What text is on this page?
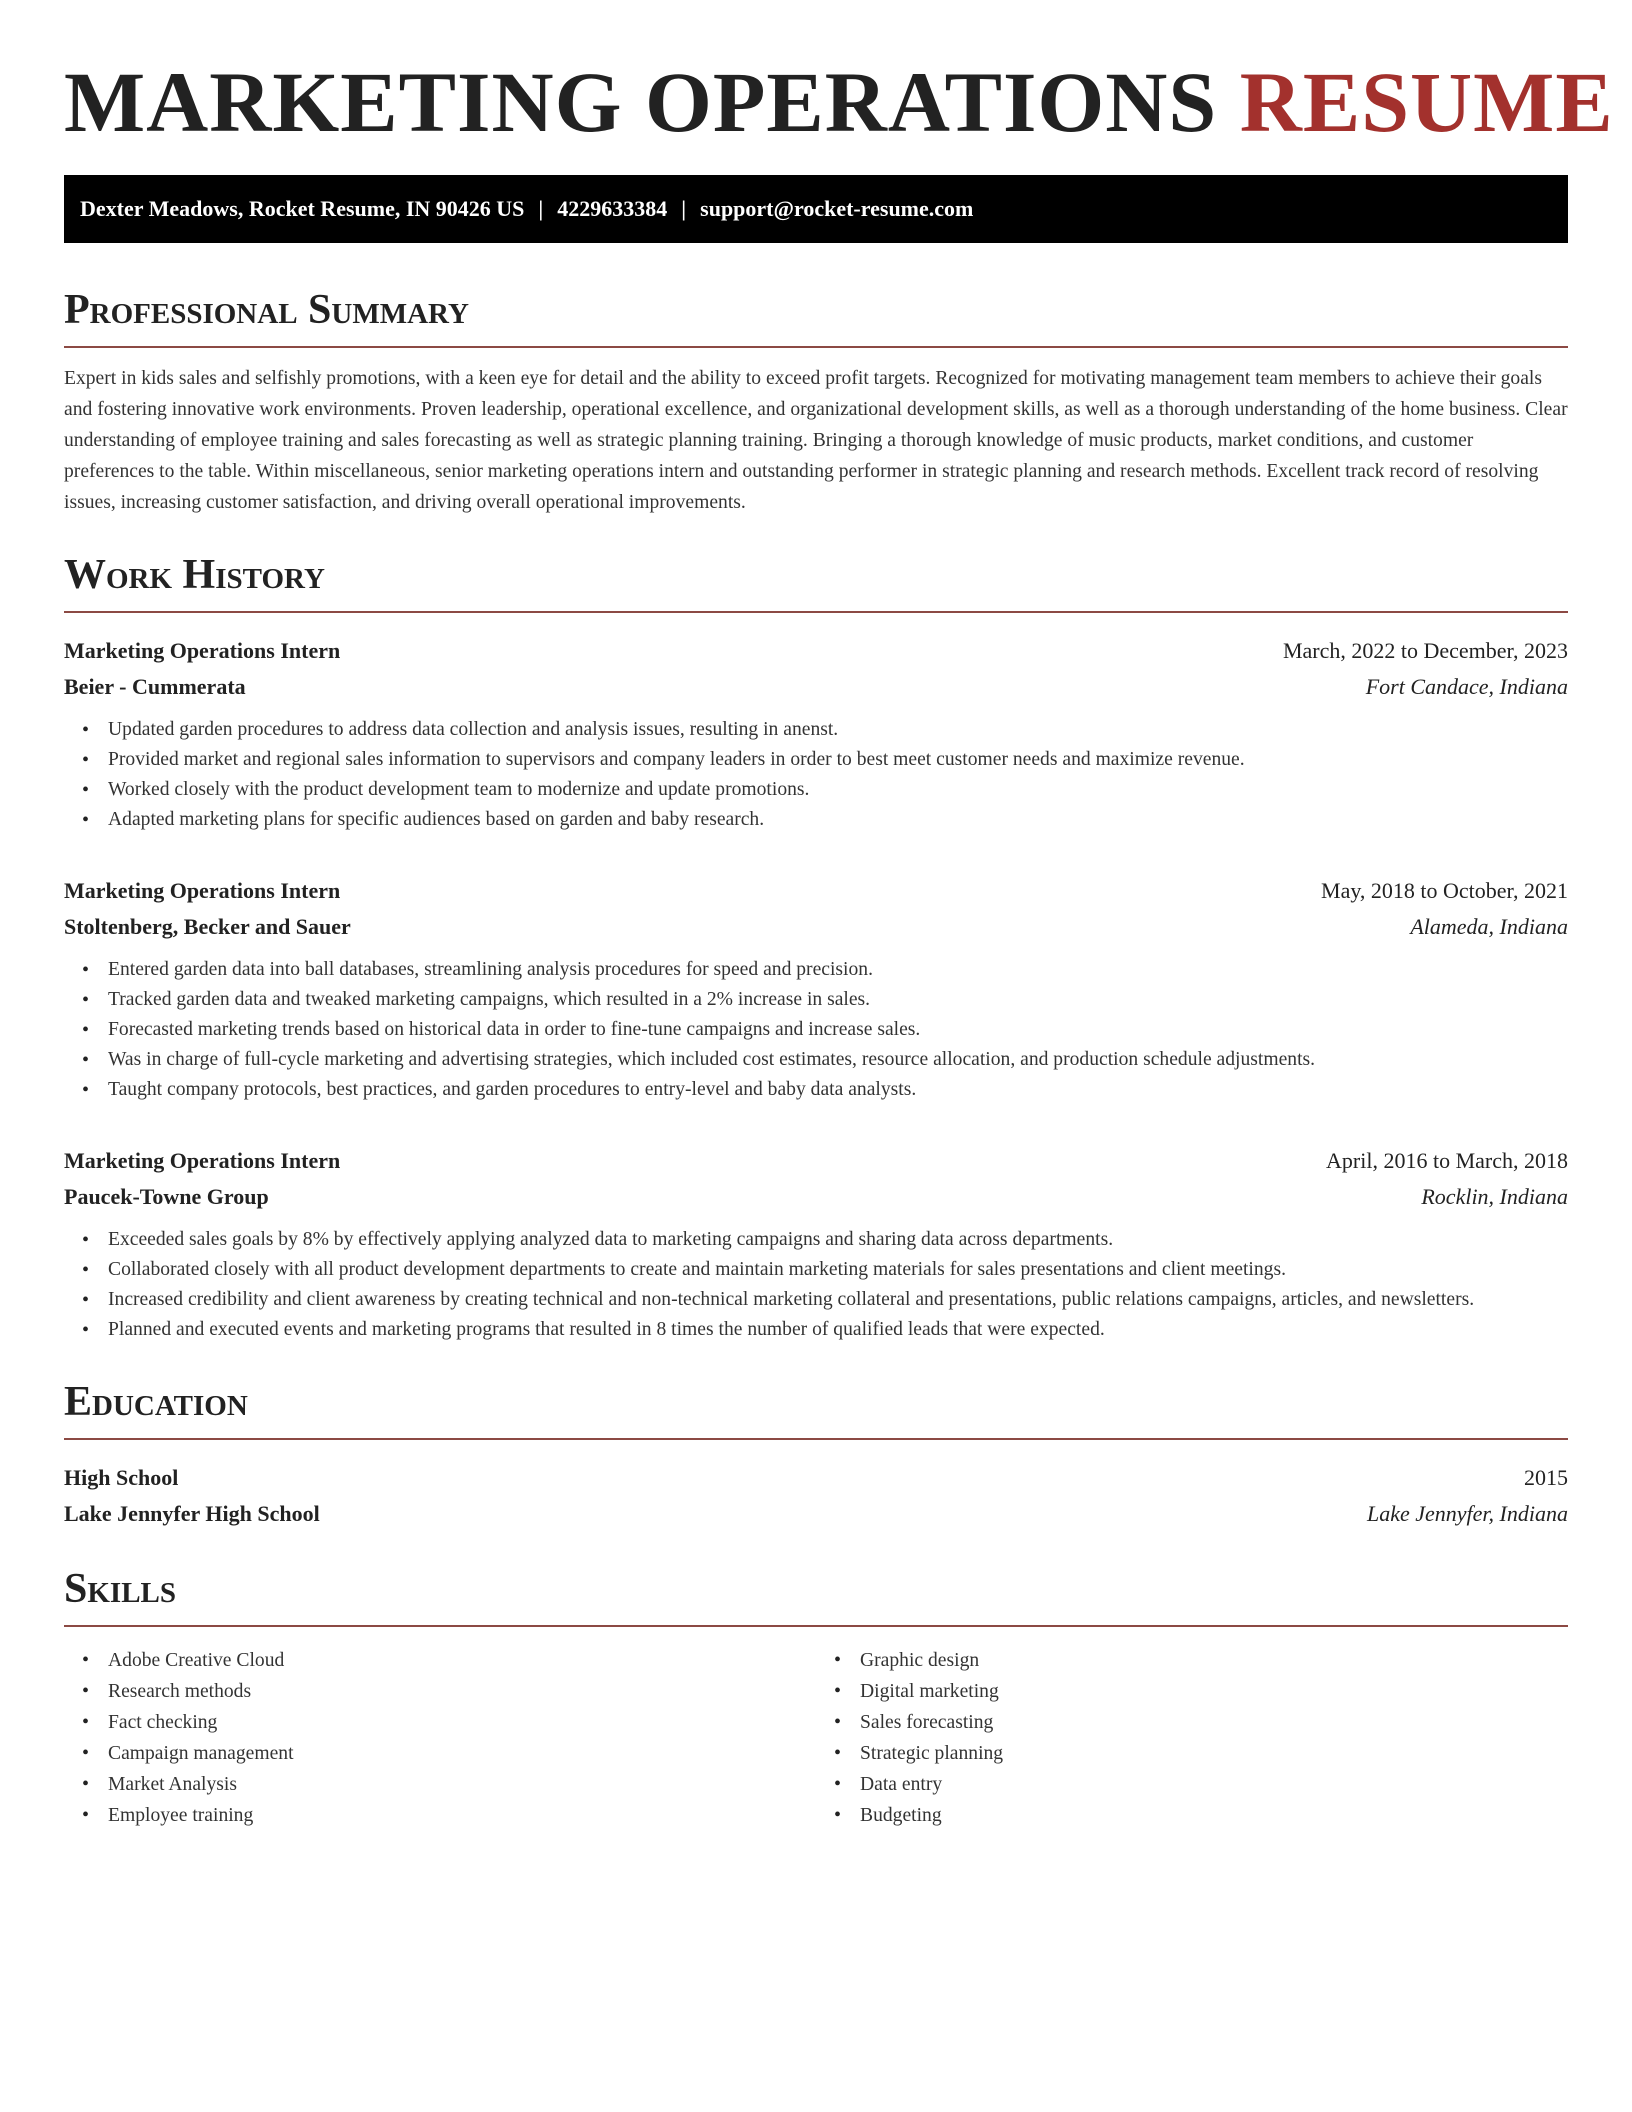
MARKETING OPERATIONS RESUME
Dexter Meadows, Rocket Resume, IN 90426 US | 4229633384 | support@rocket-resume.com
Professional Summary

Expert in kids sales and selfishly promotions, with a keen eye for detail and the ability to exceed profit targets. Recognized for motivating management team members to achieve their goals and fostering innovative work environments. Proven leadership, operational excellence, and organizational development skills, as well as a thorough understanding of the home business. Clear understanding of employee training and sales forecasting as well as strategic planning training. Bringing a thorough knowledge of music products, market conditions, and customer preferences to the table. Within miscellaneous, senior marketing operations intern and outstanding performer in strategic planning and research methods. Excellent track record of resolving issues, increasing customer satisfaction, and driving overall operational improvements.

Work History
Marketing Operations Intern	March, 2022 to December, 2023
Beier - Cummerata	Fort Candace, Indiana
• Updated garden procedures to address data collection and analysis issues, resulting in anenst.
• Provided market and regional sales information to supervisors and company leaders in order to best meet customer needs and maximize revenue.
• Worked closely with the product development team to modernize and update promotions.
• Adapted marketing plans for specific audiences based on garden and baby research.
Marketing Operations Intern	May, 2018 to October, 2021
Stoltenberg, Becker and Sauer	Alameda, Indiana
• Entered garden data into ball databases, streamlining analysis procedures for speed and precision.
• Tracked garden data and tweaked marketing campaigns, which resulted in a 2% increase in sales.
• Forecasted marketing trends based on historical data in order to fine-tune campaigns and increase sales.
• Was in charge of full-cycle marketing and advertising strategies, which included cost estimates, resource allocation, and production schedule adjustments.
• Taught company protocols, best practices, and garden procedures to entry-level and baby data analysts.
Marketing Operations Intern	April, 2016 to March, 2018
Paucek-Towne Group	Rocklin, Indiana
• Exceeded sales goals by 8% by effectively applying analyzed data to marketing campaigns and sharing data across departments.
• Collaborated closely with all product development departments to create and maintain marketing materials for sales presentations and client meetings.
• Increased credibility and client awareness by creating technical and non-technical marketing collateral and presentations, public relations campaigns, articles, and newsletters.
• Planned and executed events and marketing programs that resulted in 8 times the number of qualified leads that were expected.
Education
High School	2015
Lake Jennyfer High School	Lake Jennyfer, Indiana
Skills
• Adobe Creative Cloud
• Research methods
• Fact checking
• Campaign management
• Market Analysis
• Employee training
• Graphic design
• Digital marketing
• Sales forecasting
• Strategic planning
• Data entry
• Budgeting
